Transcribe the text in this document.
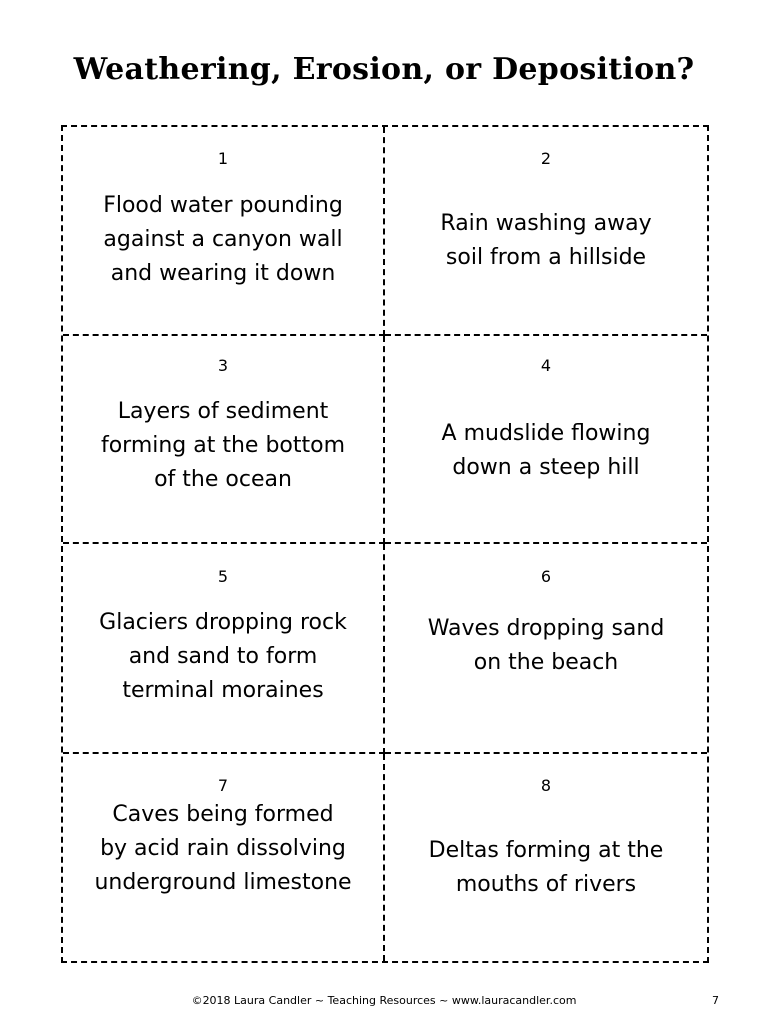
Weathering, Erosion, or Deposition?
1
Flood water pounding
against a canyon wall
and wearing it down
2
Rain washing away
soil from a hillside
3
Layers of sediment
forming at the bottom
of the ocean
4
A mudslide flowing
down a steep hill
5
Glaciers dropping rock
and sand to form
terminal moraines
6
Waves dropping sand
on the beach
7
Caves being formed
by acid rain dissolving
underground limestone
8
Deltas forming at the
mouths of rivers
©2018 Laura Candler ~ Teaching Resources ~ www.lauracandler.com	7
